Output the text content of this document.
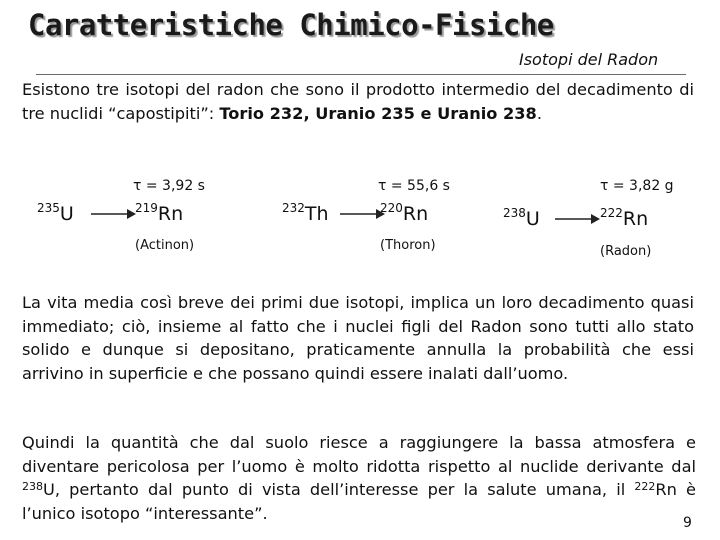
Caratteristiche Chimico-Fisiche
Isotopi del Radon
Esistono tre isotopi del radon che sono il prodotto intermedio del decadimento di tre nuclidi “capostipiti”: Torio 232, Uranio 235 e Uranio 238.
$^{235}$U
τ = 3,92 s
$^{219}$Rn
(Actinon)
$^{232}$Th
τ = 55,6 s
$^{220}$Rn
(Thoron)
$^{238}$U
τ = 3,82 g
$^{222}$Rn
(Radon)
La vita media così breve dei primi due isotopi, implica un loro decadimento quasi immediato; ciò, insieme al fatto che i nuclei figli del Radon sono tutti allo stato solido e dunque si depositano, praticamente annulla la probabilità che essi arrivino in superficie e che possano quindi essere inalati dall’uomo.
Quindi la quantità che dal suolo riesce a raggiungere la bassa atmosfera e diventare pericolosa per l’uomo è molto ridotta rispetto al nuclide derivante dal $^{238}$U, pertanto dal punto di vista dell’interesse per la salute umana, il $^{222}$Rn è l’unico isotopo “interessante”.
9
